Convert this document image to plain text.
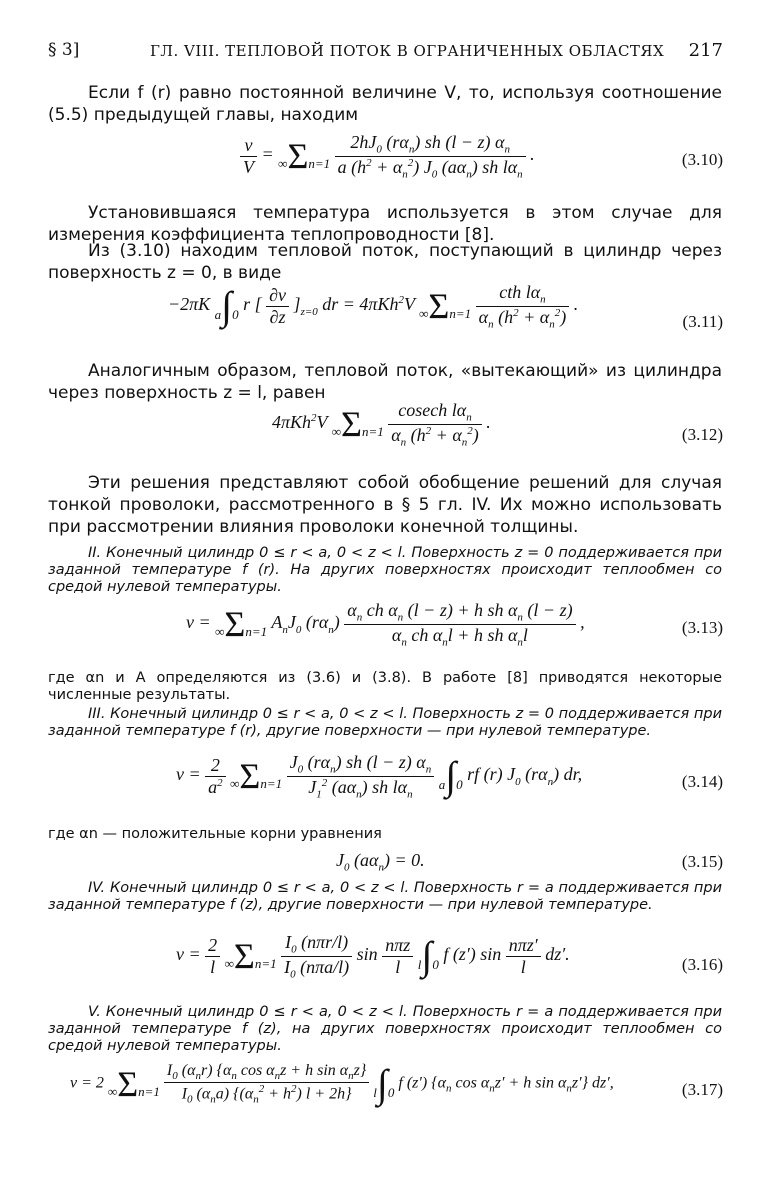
§ 3]	ГЛ. VIII. ТЕПЛОВОЙ ПОТОК В ОГРАНИЧЕННЫХ ОБЛАСТЯХ 217
Если f (r) равно постоянной величине V, то, используя соотношение (5.5) предыдущей главы, находим
$\frac{v}{V} = \infty\Sigma n=1 \frac{2hJ_0 (r\alpha_n) sh (l - z) \alpha_n}{a (h^2 + \alpha_n^2) J_0 (a\alpha_n) sh l\alpha_n}$ .	(3.10)
Установившаяся температура используется в этом случае для измерения коэффициента теплопроводности [8].
Из (3.10) находим тепловой поток, поступающий в цилиндр через поверхность z = 0, в виде
−2πK a∫0 r [ $\frac{\partial v}{\partial z} ]_{z=0}$ dr = 4πKh$^2$V $\infty\Sigma n=1 \frac{cth l\alpha_n}{\alpha_n (h^2 + \alpha_n^2)}$ .
(3.11)
Аналогичным образом, тепловой поток, «вытекающий» из цилиндра через поверхность z = l, равен
4πKh$^2$V $\infty\Sigma n=1 \frac{cosech l\alpha_n}{\alpha_n (h^2 + \alpha_n^2)}$ .
(3.12)
Эти решения представляют собой обобщение решений для случая тонкой проволоки, рассмотренного в § 5 гл. IV. Их можно использовать при рассмотрении влияния проволоки конечной толщины.
II. Конечный цилиндр 0 ≤ r < a, 0 < z < l. Поверхность z = 0 поддерживается при заданной температуре f (r). На других поверхностях происходит теплообмен со средой нулевой температуры.
v = ∞Σn=1 $A_nJ_0$ $(r\alpha_n) \frac{\alpha_n ch \alpha_n (l - z) + h sh \alpha_n (l - z)}{\alpha_n ch \alpha_nl + h sh \alpha_nl}$ ,	(3.13)
где αn и A определяются из (3.6) и (3.8). В работе [8] приводятся некоторые численные результаты.
III. Конечный цилиндр 0 ≤ r < a, 0 < z < l. Поверхность z = 0 поддерживается при заданной температуре f (r), другие поверхности — при нулевой температуре.
$v = \frac{2}{a^2} \infty\Sigma n=1 \frac{J_0 (r\alpha_n) sh (l - z) \alpha_n}{J_1^2 (a\alpha_n) sh l\alpha_n} a\int 0$ rf (r) $J_0$ $(r\alpha_n)$ dr,	(3.14)
где αn — положительные корни уравнения
$J_0$ $(a\alpha_n) = 0$.	(3.15)
IV. Конечный цилиндр 0 ≤ r < a, 0 < z < l. Поверхность r = a поддерживается при заданной температуре f (z), другие поверхности — при нулевой температуре.
$v = \frac{2}{l} \infty\Sigma n=1 \frac{I_0 (n\pi r/l)}{I_0 (n\pi a/l)}$ $\sin \frac{\text{nπz}}{l} l\int 0$ f (z′) $\sin \frac{\text{nπz′}}{l} dz'$.
(3.16)
V. Конечный цилиндр 0 ≤ r < a, 0 < z < l. Поверхность r = a поддерживается при заданной температуре f (z), на других поверхностях происходит теплообмен со средой нулевой температуры.
v = 2 $\infty\Sigma n=1 \frac{I_0 (\alpha_nr) \{\alpha_n \cos \alpha_nz + h \sin \alpha_nz\}}{I_0 (\alpha_na) \{(\alpha_n^2 + h^2) l + 2h\}} l\int 0$ f (z′) {$\alpha_n$ $\cos \alpha_nz' + h$ $\sin \alpha_nz'$} dz′,	(3.17)
